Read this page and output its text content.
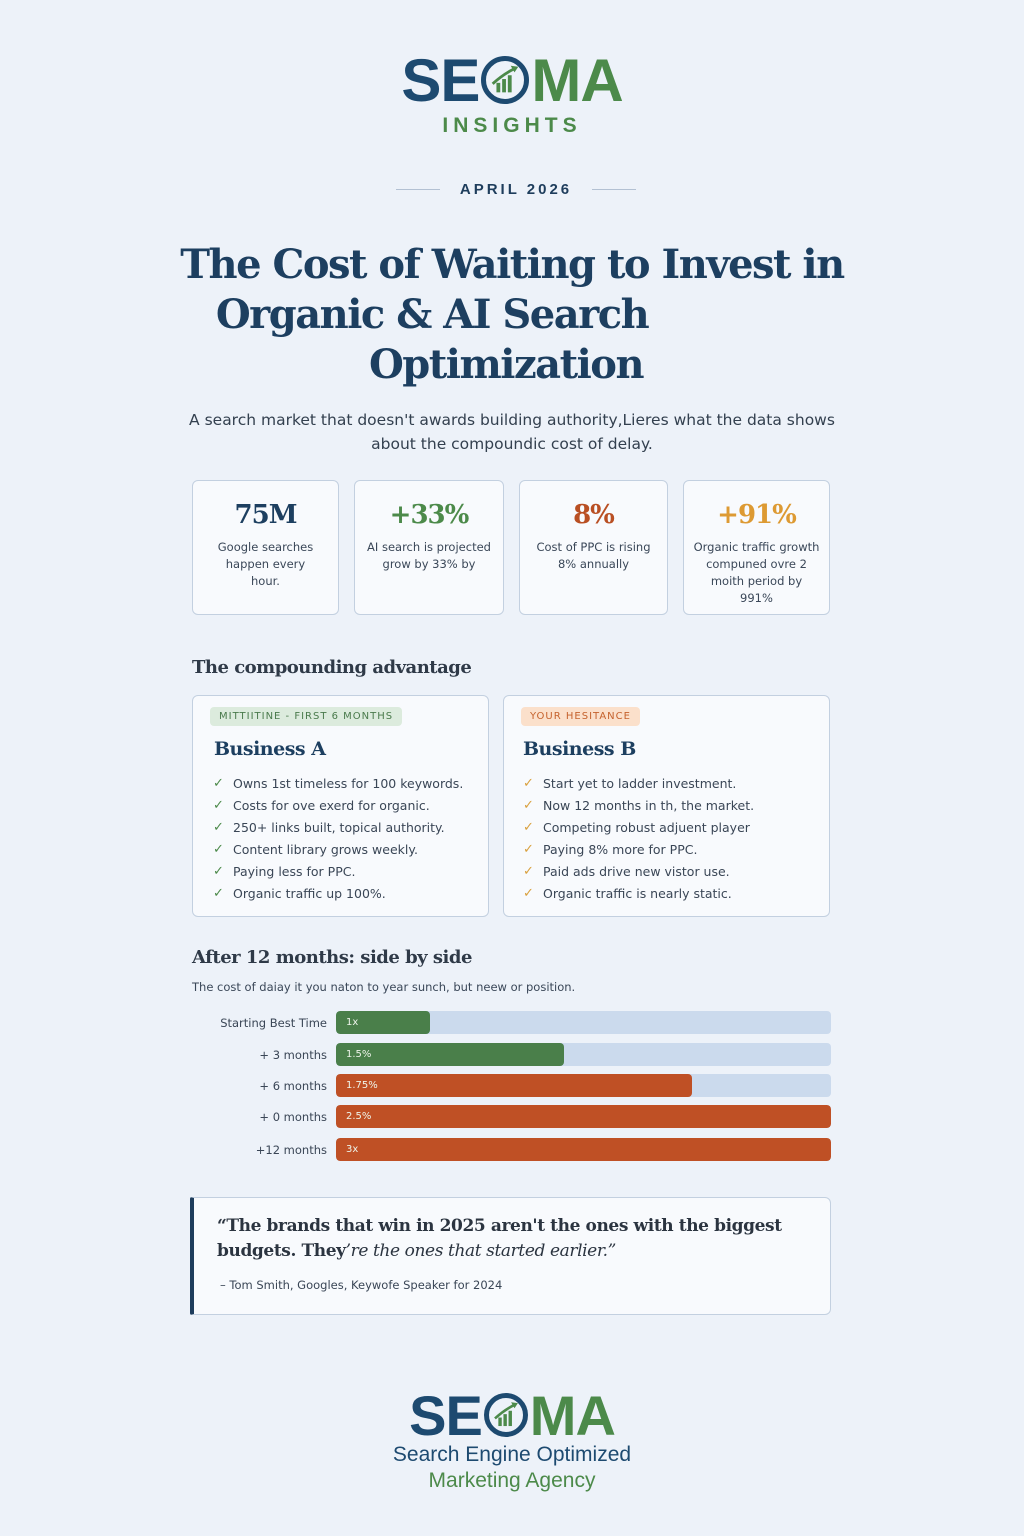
SE MA
INSIGHTS
APRIL 2026
The Cost of Waiting to Invest in
Organic & AI Search
Optimization

A search market that doesn't awards building authority,Lieres what the data shows about the compoundic cost of delay.

75M
Google searches happen every hour.
+33%
AI search is projected grow by 33% by
8%
Cost of PPC is rising 8% annually
+91%
Organic traffic growth compuned ovre 2 moith period by 991%
The compounding advantage
MITTIITINE - FIRST 6 MONTHS
Business A
✓ Owns 1st timeless for 100 keywords.
✓ Costs for ove exerd for organic.
✓ 250+ links built, topical authority.
✓ Content library grows weekly.
✓ Paying less for PPC.
✓ Organic traffic up 100%.
YOUR HESITANCE
Business B
✓ Start yet to ladder investment.
✓ Now 12 months in th, the market.
✓ Competing robust adjuent player
✓ Paying 8% more for PPC.
✓ Paid ads drive new vistor use.
✓ Organic traffic is nearly static.
After 12 months: side by side

The cost of daiay it you naton to year sunch, but neew or position.

Starting Best Time 1x
+ 3 months 1.5%
+ 6 months 1.75%
+ 0 months 2.5%
+12 months 3x

“The brands that win in 2025 aren't the ones with the biggest budgets. They’re the ones that started earlier.”

– Tom Smith, Googles, Keywofe Speaker for 2024

SE MA
Search Engine Optimized
Marketing Agency
